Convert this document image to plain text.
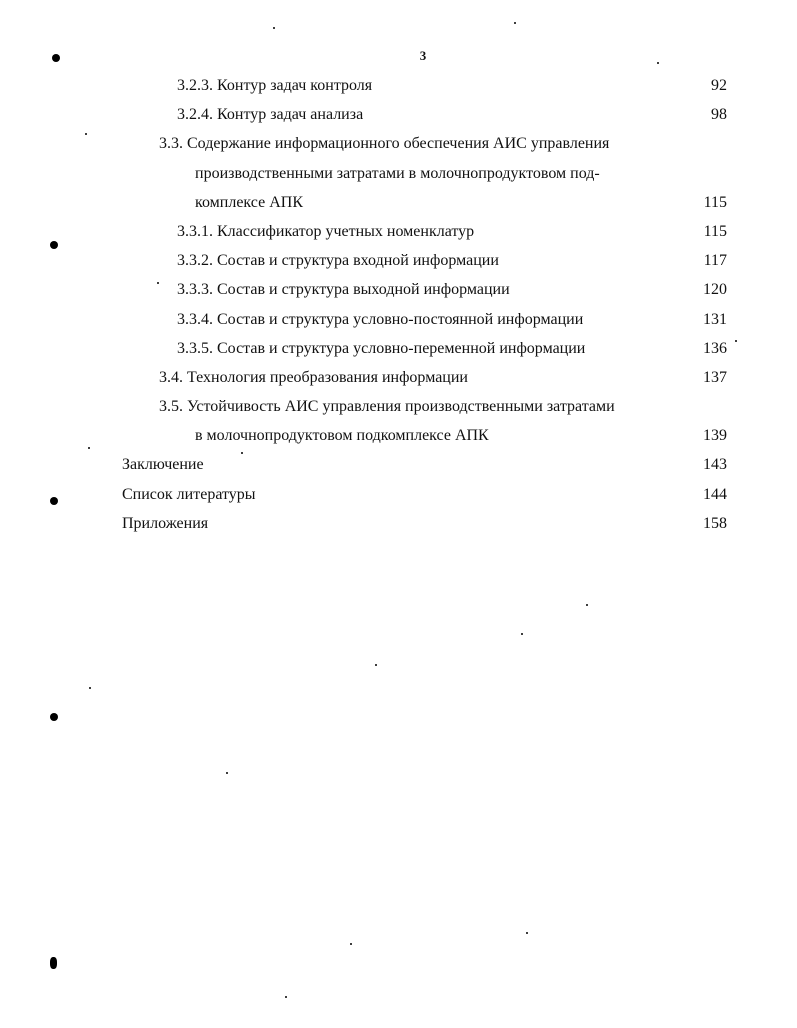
3
3.2.3. Контур задач контроля	92
3.2.4. Контур задач анализа	98
3.3. Содержание информационного обеспечения АИС управления
производственными затратами в молочнопродуктовом под-
комплексе АПК	115
3.3.1. Классификатор учетных номенклатур	115
3.3.2. Состав и структура входной информации	117
3.3.3. Состав и структура выходной информации	120
3.3.4. Состав и структура условно-постоянной информации	131
3.3.5. Состав и структура условно-переменной информации	136
3.4. Технология преобразования информации	137
3.5. Устойчивость АИС управления производственными затратами
в молочнопродуктовом подкомплексе АПК	139
Заключение	143
Список литературы	144
Приложения	158
